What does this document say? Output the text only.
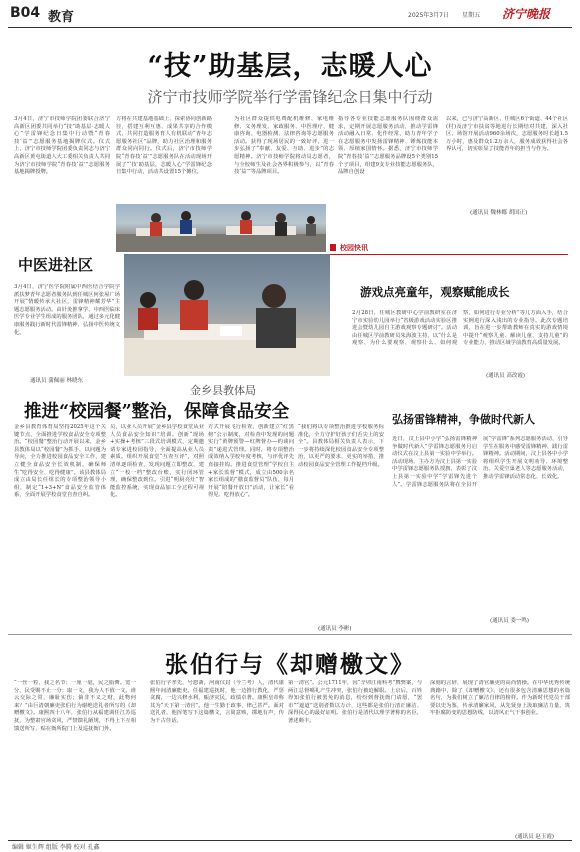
B04 教育	2025年3月7日 星期五 济宁晚报
“技”助基层，志暖人心
济宁市技师学院举行学雷锋纪念日集中行动
3月4日，济宁市技师学院团委联合济宁高新区团委共同举行“技”助基层·志暖人心”学雷锋纪念日集中行动暨“青春技‘益’”志愿服务基地揭牌仪式。仪式上，济宁市技师学院团委负责同志与济宁高新区黄屯街道人大工委相关负责人共同为济宁市技师学院“青春技‘益’”志愿服务基地揭牌授牌。
方将在共建基地基础上，探索协同创新路径，搭建互利互惠、成果共享的合作模式，共同打造服务育人有机联动“青年志愿服务社区”品牌，助力社区治理和服务群众同向同行。仪式后，济宁市技师学院“青春技‘益’”志愿服务队在活动现场开展了“‘技’助基层，志暖人心”学雷锋纪念日集中行动，活动共设置15个摊位，
为社区群众提供电费配机维修、家电维修、义务理发、家政服务、中医理疗、健康咨询、电器检测、法律咨询等志愿服务活动。获得了现场居民的一致好评，进一步弘扬了“奉献、友爱、互助、进步”的志愿精神。济宁市技师学院将动员志愿者，与全校师生及社会各界积极参与，以“青春技‘益’”等品牌项目。
指导各专业技能志愿服务队围绕群众需求，定期开展志愿服务活动，推动学雷锋活动融入日常、化作经常，助力青年学子在志愿服务中发扬雷锋精神、锤炼技能本领、厚植家国情怀。据悉，济宁市技师学院“青春技‘益’”志愿服务品牌设5个类别15个子项目，组建9支专业技能志愿服务队，品牌自创设
以来，已与济宁高新区、任城区6个街道、44个社区(村)及济宁市扶贫等地进行长期结对共建，深入社区、场馆开展活动960余场次，志愿服务时长超1.5万小时，惠及群众1.2万余人，服务成效获得社会各界认可，切实彰显了技能青年的担当与作为。
(通讯员 魏林娜 胡国正)
校园快讯
游戏点亮童年，观察赋能成长
2月28日，任城区教研中心学前教研室在济宁市实验幼儿园举行“省级游戏活动实验区推进会暨幼儿园自主游戏观察专题研讨”。活动由任城区学前教研员朱海波主持，以“什么是观察、为什么要观察、观察什么、如何观察，如何进行专业分析”等几方面入手，结合实例进行深入浅出的专业指导。此次专题培训，旨在进一步帮助教师在真实的游戏情境中提升“观察儿童、解读儿童、支持儿童”的专业能力，推动区域学前教育高质量发展。
(通讯员 高改霞)
弘扬雷锋精神，争做时代新人
近日，汶上县中小学“弘扬雷锋精神 争做时代新人”学雷锋志愿服务月启动仪式在汶上县第一实验中学举行。活动现场，主办方为汶上县第一实验中学雷锋志愿服务队授旗，表彰了汶上县第一实验中学“学雷锋先进个人”。学雷锋志愿服务队将在全县开展“学雷锋”系列志愿服务活动，引导学生在服务中感受雷锋精神、践行雷锋精神。活动期间，汶上县各中小学将组织学生开展文明劝导、环境整治、关爱空巢老人等志愿服务活动，推动学雷锋活动常态化、长效化。
(通讯员 娄一鸣)
中医进社区
3月4日，济宁医学院附属中西医结合学院学派扶梦青年志愿者服务队到任城区何张屋广场开展“情暖传承大社区，雷锋精神耀芳华”主题志愿服务活动。由针灸推拿学、中西医临床医学专业学生组成的服务团队，通过多元化健康服务践行新时代雷锋精神，弘扬中医传统文化。
通讯员 蒲佩丽 林晓东
金乡县教体局
推进“校园餐”整治，保障食品安全
金乡县教育体育局坚持2025年这个关键节点，全面推进学校食品安全专项整治。“校园餐”整治行动开展以来，金乡县教体局以“校园餐”为抓手，以问题为导向，全力推进校园食品安全工作，建立健全食品安全长效机制，确保师生“吃得安全、吃得健康”。该县教体局成立由局长任组长的专项整治领导小组，制定“1+3+N”食品安全监管体系，全面开展学校食堂自查自纠。
员，以业人员开展“金乡县学校食堂从业人员食品安全知识”培训。创新“现场+实操+考核”三段式培训模式，定期邀请专家进校园指导，全面提高从业人员素质。组织开展食堂“互查互评”，对照清单逐项检查，发现问题立即整改，建立“一校一档”整改台账，实行闭环管理，确保整改到位。引进“明厨亮灶”智能监控系统，实现食品加工全过程可视化。
方式开展飞行检查，创新建立“红黑榜”公示制度，对检查中发现的问题实行“黄牌预警—红牌督办—约谈问责”递进式管理。同时，将专项整治成效纳入学校年度考核，与评优评先直接挂钩。推进食堂管理“学校自主+家长监督”模式，成立由500余名家长组成的“膳食监督员”队伍，每月开展“陪餐开放日”活动，让家长“看得见、吃得放心”。
“我们将以专项整治推进学校服务标准化，全力守护好孩子们舌尖上的安全”。县教体局相关负责人表示，下一步将持续深化校园食品安全专项整治，以更严的要求、更实的举措，推动校园食品安全管理工作提档升级。
(通讯员 李彬)
张伯行与《却赠檄文》
“一丝一粒，我之名节；一厘一毫，民之脂膏。宽一分，民受赐不止一分；取一文，我为人不值一文。谁云交际之常，廉耻实伤；倘非不义之财，此物何来？”由巨清朝廉吏张伯行为谢绝送礼者所写的《却赠檄文》。康熙四十八年，张伯行从福建调任江苏巡抚，为整肃官场贪风，严禁馈礼陋规，不得上下互相馈送所写，贴在衙所院门上及巡抚衙门外。
张伯行字孝先，号恕斋，河南仪封（今兰考）人，清代康熙年间清廉能吏。任福建巡抚时，他一边推行教化，严惩贪腐，一边兴修水利，赈济灾民，政绩卓著。康熙皇帝称其为“天下第一清官”。他一生勤于政事，律己甚严。面对送礼者，他挥笔写下这篇檄文，言简意赅，掷地有声，传为千古佳话。
第一清官”。公元1711年，因“辛卯江南科考”舞弊案，与两江总督噶礼产生冲突，张伯行被迫解职。上京后，百姓得知张伯行被罢免的消息，纷纷到督抚衙门请愿，“罢市”“遮道”送别者数以万计，这些都是张伯行清正廉洁、深得民心的最好证明。张伯行是清代以理学著称的名臣，著述颇丰。
深刻的言辞，展现了清官廉吏的高尚情操。在中华优秀传统典籍中，除了《却赠檄文》，还有很多包含清廉思想的名篇名句，为我们树立了廉洁自律的榜样。作为新时代党员干部要以史为鉴，传承清廉家风，从先贤身上汲取廉洁力量，筑牢拒腐防变的思想防线，以清风正气干事创业。
(通讯员 赵玉霞)
编辑 姬生辉 组版 李腾 校对 孔鑫
